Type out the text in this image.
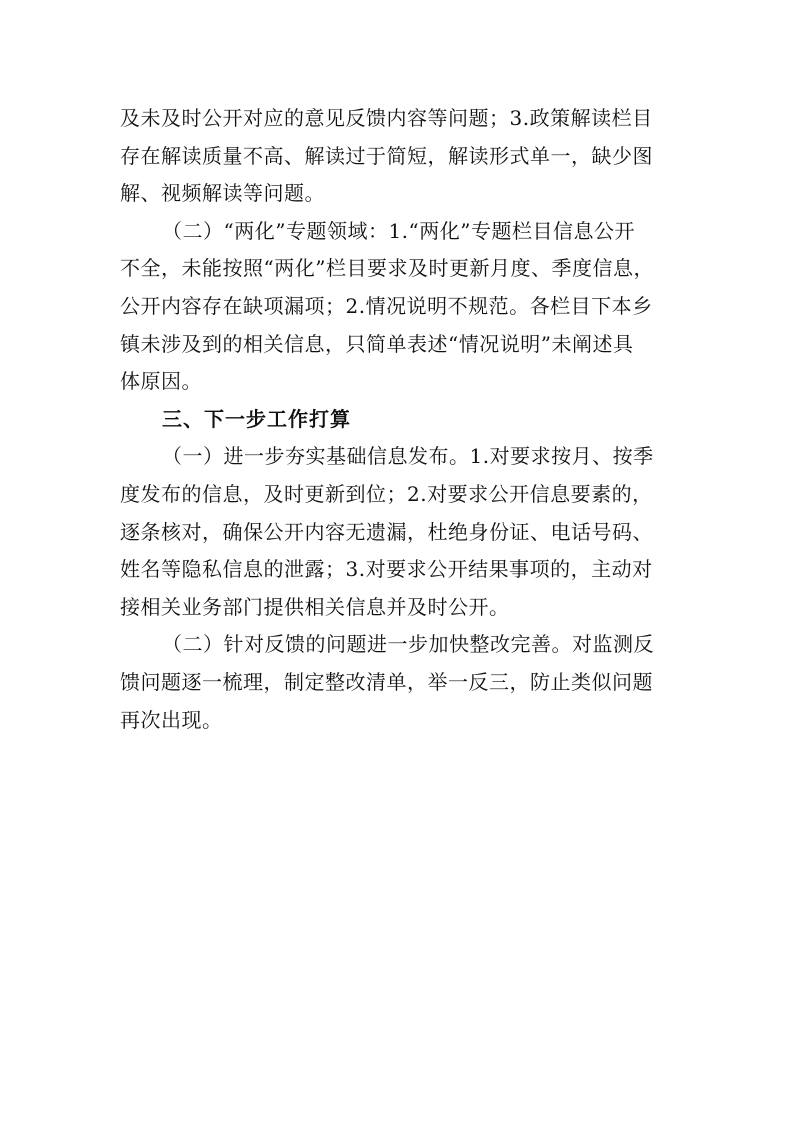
及未及时公开对应的意见反馈内容等问题；3.政策解读栏目
存在解读质量不高、解读过于简短，解读形式单一，缺少图
解、视频解读等问题。

（二）“两化”专题领域：1.“两化”专题栏目信息公开
不全，未能按照“两化”栏目要求及时更新月度、季度信息，
公开内容存在缺项漏项；2.情况说明不规范。各栏目下本乡
镇未涉及到的相关信息，只简单表述“情况说明”未阐述具
体原因。

三、下一步工作打算

（一）进一步夯实基础信息发布。1.对要求按月、按季
度发布的信息，及时更新到位；2.对要求公开信息要素的，
逐条核对，确保公开内容无遗漏，杜绝身份证、电话号码、
姓名等隐私信息的泄露；3.对要求公开结果事项的，主动对
接相关业务部门提供相关信息并及时公开。

（二）针对反馈的问题进一步加快整改完善。对监测反
馈问题逐一梳理，制定整改清单，举一反三，防止类似问题
再次出现。
